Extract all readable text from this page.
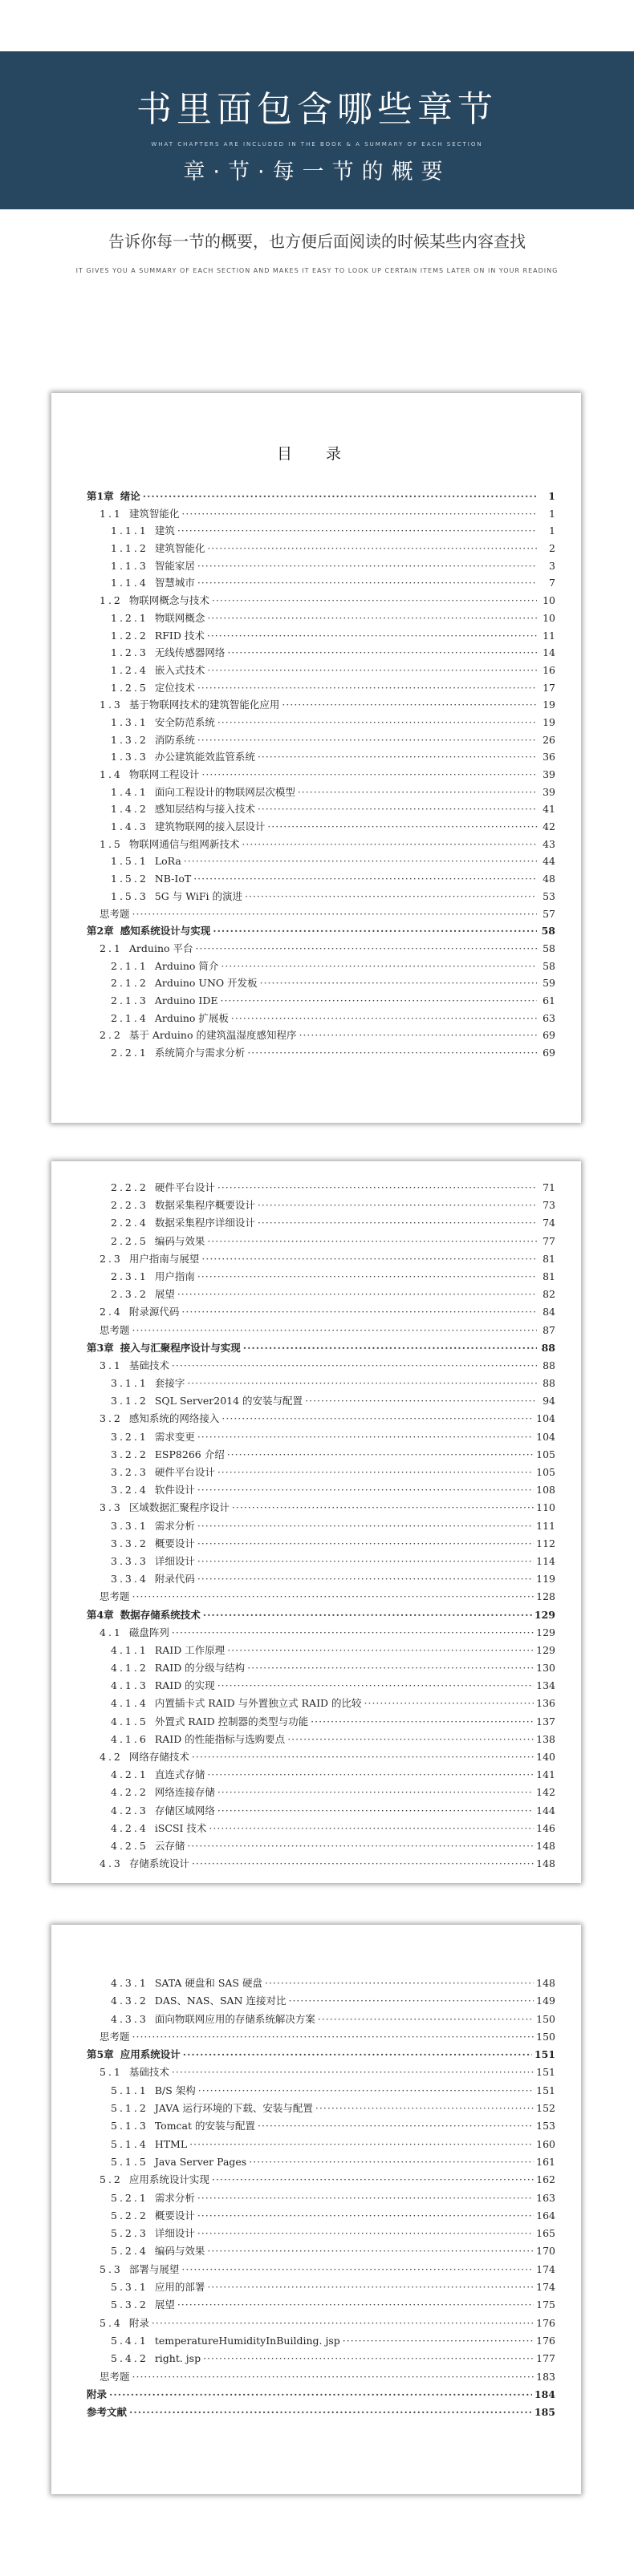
书里面包含哪些章节
WHAT CHAPTERS ARE INCLUDED IN THE BOOK & A SUMMARY OF EACH SECTION
章·节·每一节的概要
告诉你每一节的概要，也方便后面阅读的时候某些内容查找
IT GIVES YOU A SUMMARY OF EACH SECTION AND MAKES IT EASY TO LOOK UP CERTAIN ITEMS LATER ON IN YOUR READING
目 录
第1章 绪论 ·····	1
1.1 建筑智能化 ·····	1
1.1.1 建筑 ·····	1
1.1.2 建筑智能化 ·····	2
1.1.3 智能家居 ·····	3
1.1.4 智慧城市 ·····	7
1.2 物联网概念与技术 ·····	10
1.2.1 物联网概念 ·····	10
1.2.2 RFID 技术 ·····	11
1.2.3 无线传感器网络 ·····	14
1.2.4 嵌入式技术 ·····	16
1.2.5 定位技术 ·····	17
1.3 基于物联网技术的建筑智能化应用 ·····	19
1.3.1 安全防范系统 ·····	19
1.3.2 消防系统 ·····	26
1.3.3 办公建筑能效监管系统 ·····	36
1.4 物联网工程设计 ·····	39
1.4.1 面向工程设计的物联网层次模型 ·····	39
1.4.2 感知层结构与接入技术 ·····	41
1.4.3 建筑物联网的接入层设计 ·····	42
1.5 物联网通信与组网新技术 ·····	43
1.5.1 LoRa ·····	44
1.5.2 NB-IoT ·····	48
1.5.3 5G 与 WiFi 的演进 ·····	53
思考题 ·····	57
第2章 感知系统设计与实现 ·····	58
2.1 Arduino 平台 ·····	58
2.1.1 Arduino 简介 ·····	58
2.1.2 Arduino UNO 开发板 ·····	59
2.1.3 Arduino IDE ·····	61
2.1.4 Arduino 扩展板 ·····	63
2.2 基于 Arduino 的建筑温湿度感知程序 ·····	69
2.2.1 系统简介与需求分析 ·····	69
2.2.2 硬件平台设计 ·····	71
2.2.3 数据采集程序概要设计 ·····	73
2.2.4 数据采集程序详细设计 ·····	74
2.2.5 编码与效果 ·····	77
2.3 用户指南与展望 ·····	81
2.3.1 用户指南 ·····	81
2.3.2 展望 ·····	82
2.4 附录源代码 ·····	84
思考题 ·····	87
第3章 接入与汇聚程序设计与实现 ·····	88
3.1 基础技术 ·····	88
3.1.1 套接字 ·····	88
3.1.2 SQL Server2014 的安装与配置 ·····	94
3.2 感知系统的网络接入 ·····	104
3.2.1 需求变更 ·····	104
3.2.2 ESP8266 介绍 ·····	105
3.2.3 硬件平台设计 ·····	105
3.2.4 软件设计 ·····	108
3.3 区域数据汇聚程序设计 ·····	110
3.3.1 需求分析 ·····	111
3.3.2 概要设计 ·····	112
3.3.3 详细设计 ·····	114
3.3.4 附录代码 ·····	119
思考题 ·····	128
第4章 数据存储系统技术 ·····	129
4.1 磁盘阵列 ·····	129
4.1.1 RAID 工作原理 ·····	129
4.1.2 RAID 的分级与结构 ·····	130
4.1.3 RAID 的实现 ·····	134
4.1.4 内置插卡式 RAID 与外置独立式 RAID 的比较 ·····	136
4.1.5 外置式 RAID 控制器的类型与功能 ·····	137
4.1.6 RAID 的性能指标与选购要点 ·····	138
4.2 网络存储技术 ·····	140
4.2.1 直连式存储 ·····	141
4.2.2 网络连接存储 ·····	142
4.2.3 存储区域网络 ·····	144
4.2.4 iSCSI 技术 ·····	146
4.2.5 云存储 ·····	148
4.3 存储系统设计 ·····	148
4.3.1 SATA 硬盘和 SAS 硬盘 ·····	148
4.3.2 DAS、NAS、SAN 连接对比 ·····	149
4.3.3 面向物联网应用的存储系统解决方案 ·····	150
思考题 ·····	150
第5章 应用系统设计 ·····	151
5.1 基础技术 ·····	151
5.1.1 B/S 架构 ·····	151
5.1.2 JAVA 运行环境的下载、安装与配置 ·····	152
5.1.3 Tomcat 的安装与配置 ·····	153
5.1.4 HTML ·····	160
5.1.5 Java Server Pages ·····	161
5.2 应用系统设计实现 ·····	162
5.2.1 需求分析 ·····	163
5.2.2 概要设计 ·····	164
5.2.3 详细设计 ·····	165
5.2.4 编码与效果 ·····	170
5.3 部署与展望 ·····	174
5.3.1 应用的部署 ·····	174
5.3.2 展望 ·····	175
5.4 附录 ·····	176
5.4.1 temperatureHumidityInBuilding. jsp ·····	176
5.4.2 right. jsp ·····	177
思考题 ·····	183
附录 ·····	184
参考文献 ·····	185
